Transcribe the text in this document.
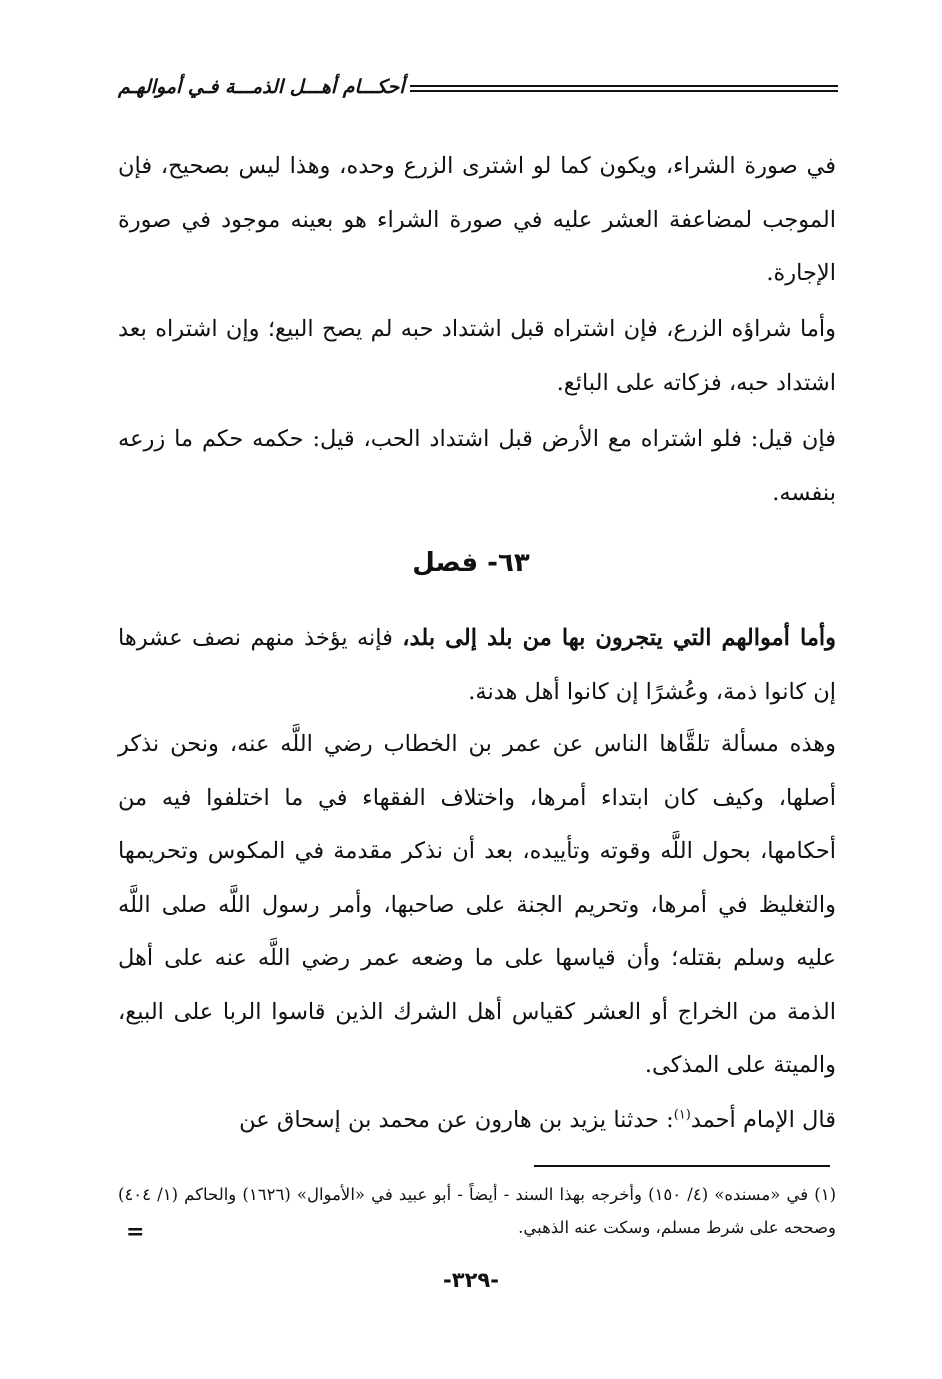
أحكـــام أهـــل الذمـــة فـي أموالهـم
في صورة الشراء، ويكون كما لو اشترى الزرع وحده، وهذا ليس بصحيح، فإن الموجب لمضاعفة العشر عليه في صورة الشراء هو بعينه موجود في صورة الإجارة.
وأما شراؤه الزرع، فإن اشتراه قبل اشتداد حبه لم يصح البيع؛ وإن اشتراه بعد اشتداد حبه، فزكاته على البائع.
فإن قيل: فلو اشتراه مع الأرض قبل اشتداد الحب، قيل: حكمه حكم ما زرعه بنفسه.
٦٣- فصل
وأما أموالهم التي يتجرون بها من بلد إلى بلد، فإنه يؤخذ منهم نصف عشرها إن كانوا ذمة، وعُشرًا إن كانوا أهل هدنة.
وهذه مسألة تلقَّاها الناس عن عمر بن الخطاب رضي اللَّه عنه، ونحن نذكر أصلها، وكيف كان ابتداء أمرها، واختلاف الفقهاء في ما اختلفوا فيه من أحكامها، بحول اللَّه وقوته وتأييده، بعد أن نذكر مقدمة في المكوس وتحريمها والتغليظ في أمرها، وتحريم الجنة على صاحبها، وأمر رسول اللَّه صلى اللَّه عليه وسلم بقتله؛ وأن قياسها على ما وضعه عمر رضي اللَّه عنه على أهل الذمة من الخراج أو العشر كقياس أهل الشرك الذين قاسوا الربا على البيع، والميتة على المذكى.
قال الإمام أحمد$^{(١)}$: حدثنا يزيد بن هارون عن محمد بن إسحاق عن
(١) في «مسنده» (٤/ ١٥٠) وأخرجه بهذا السند - أيضاً - أبو عبيد في «الأموال» (١٦٢٦) والحاكم (١/ ٤٠٤) وصححه على شرط مسلم، وسكت عنه الذهبي.
=
-٣٢٩-
